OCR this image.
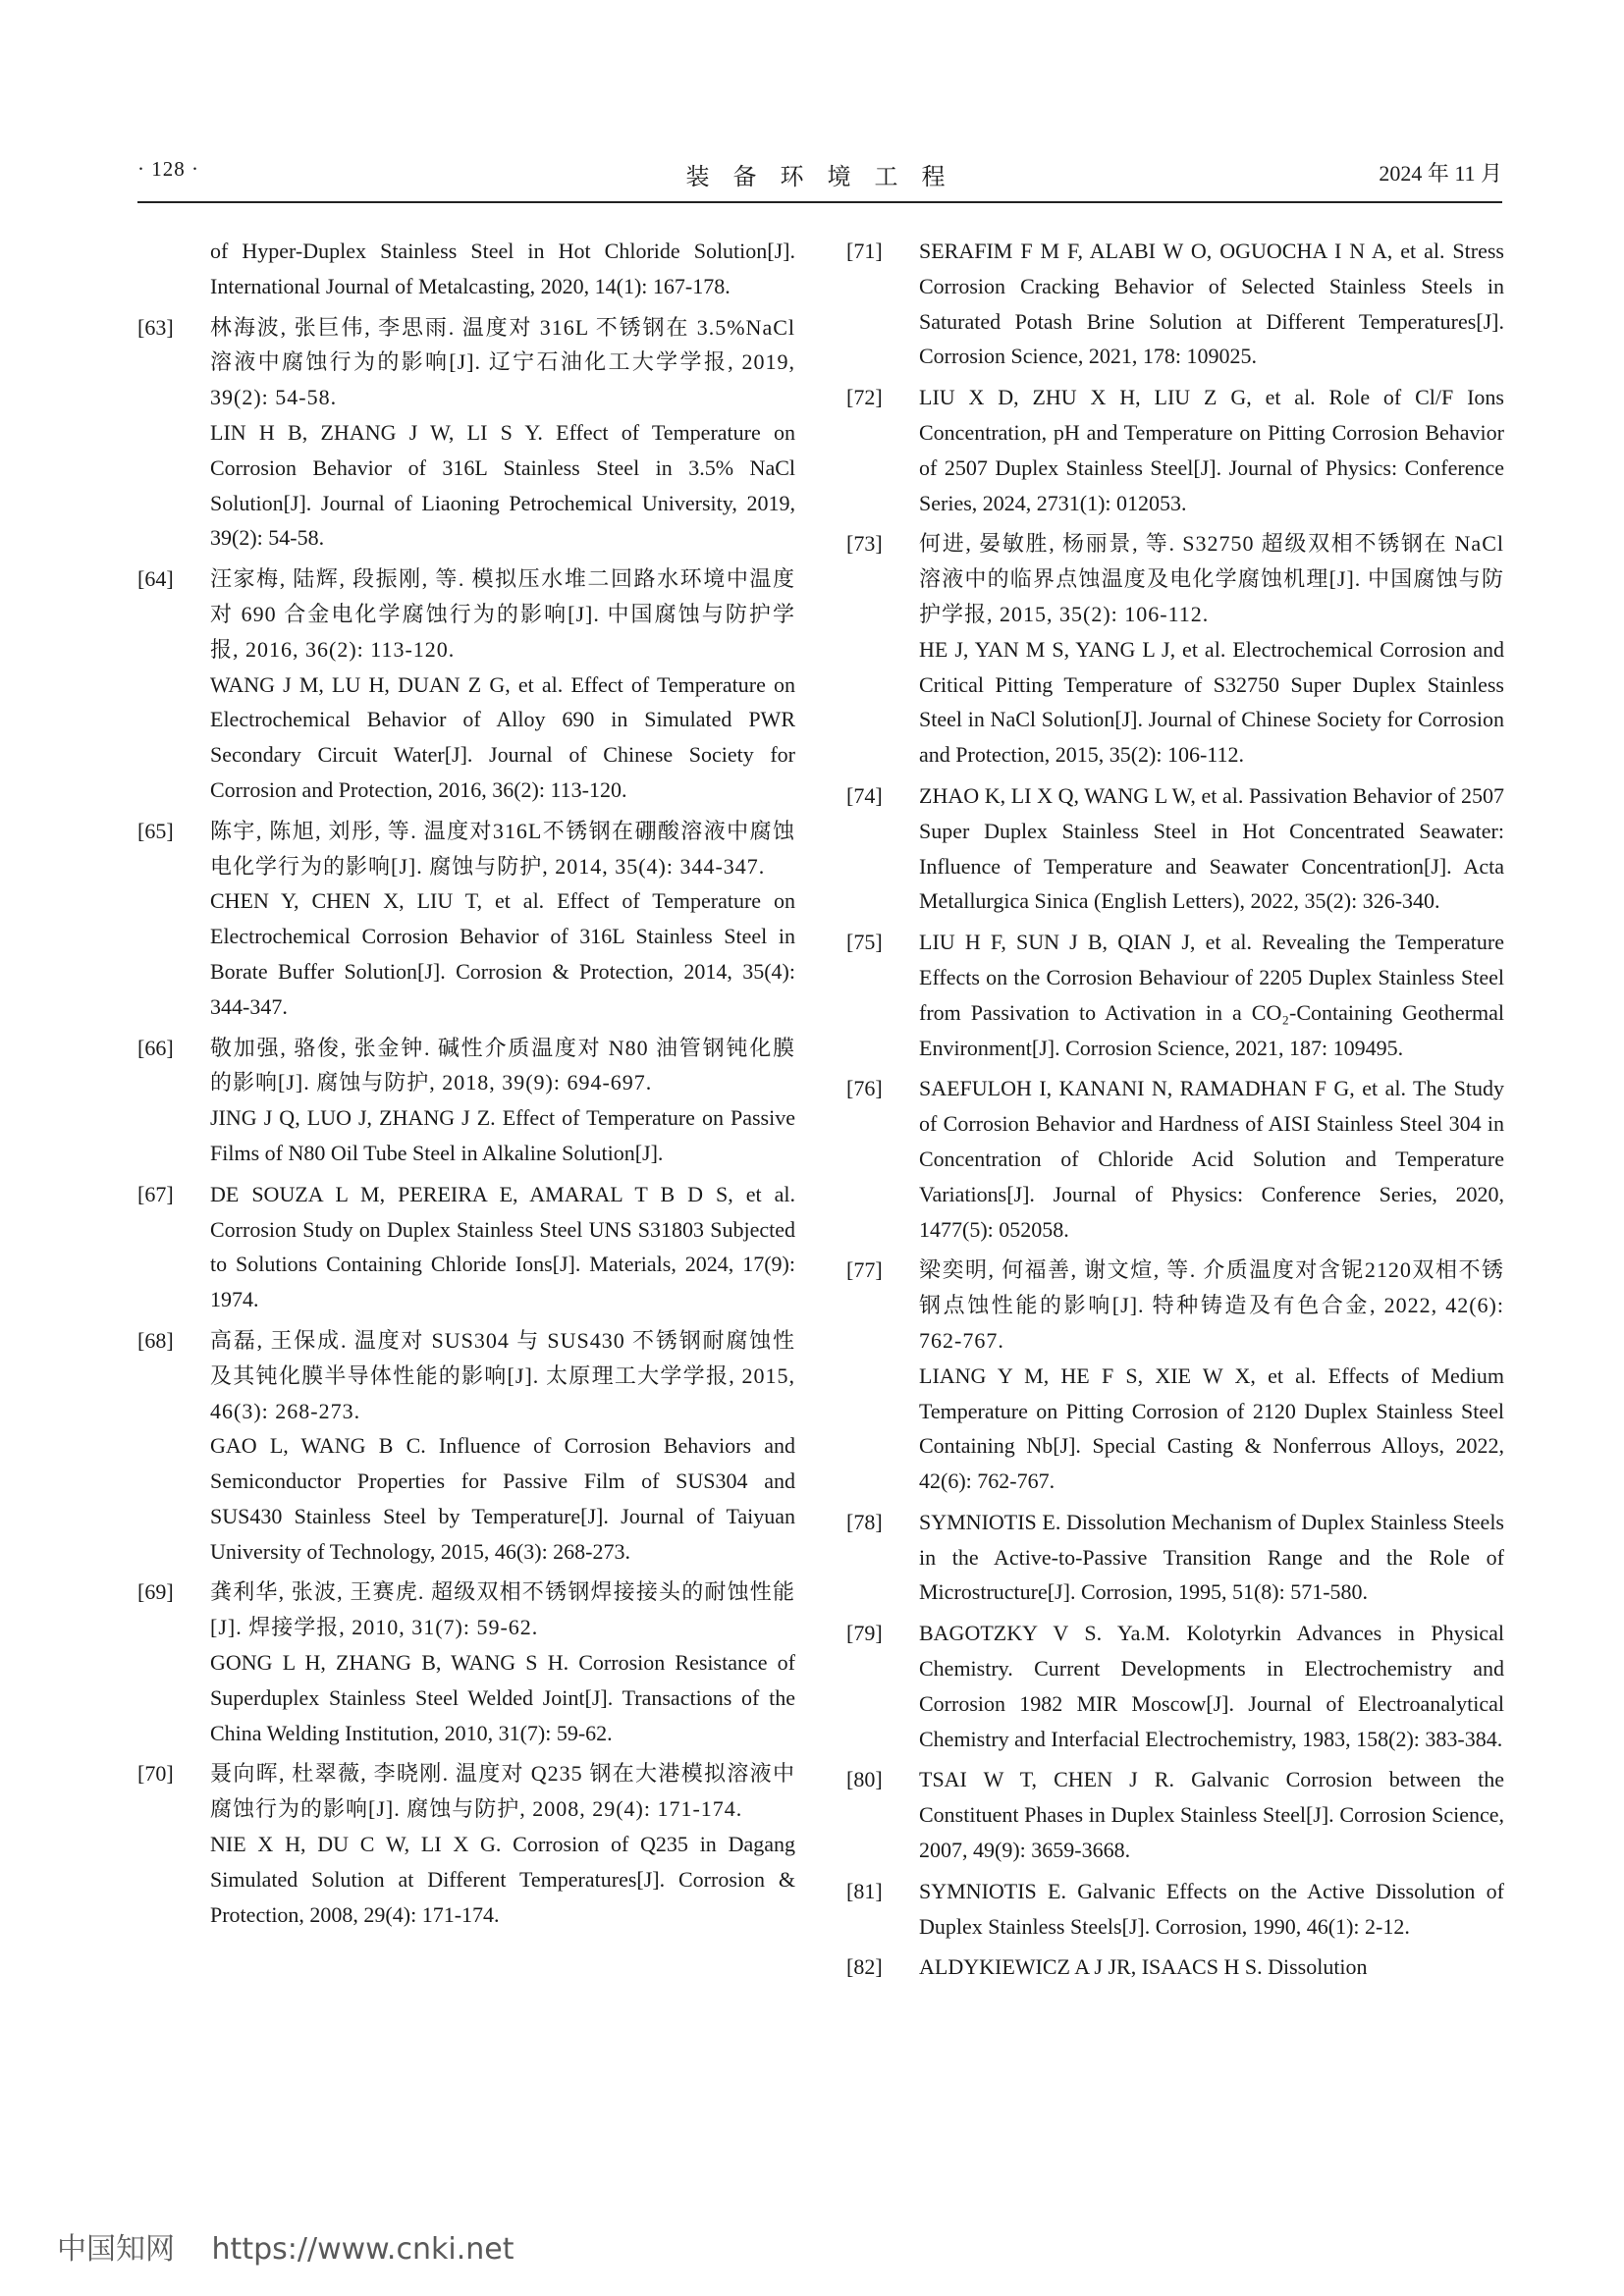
· 128 ·	装 备 环 境 工 程	2024 年 11 月
of Hyper-Duplex Stainless Steel in Hot Chloride Solution[J]. International Journal of Metalcasting, 2020, 14(1): 167-178.
[63] 林海波, 张巨伟, 李思雨. 温度对 316L 不锈钢在 3.5%NaCl 溶液中腐蚀行为的影响[J]. 辽宁石油化工大学学报, 2019, 39(2): 54-58.
LIN H B, ZHANG J W, LI S Y. Effect of Temperature on Corrosion Behavior of 316L Stainless Steel in 3.5% NaCl Solution[J]. Journal of Liaoning Petrochemical University, 2019, 39(2): 54-58.
[64] 汪家梅, 陆辉, 段振刚, 等. 模拟压水堆二回路水环境中温度对 690 合金电化学腐蚀行为的影响[J]. 中国腐蚀与防护学报, 2016, 36(2): 113-120.
WANG J M, LU H, DUAN Z G, et al. Effect of Temperature on Electrochemical Behavior of Alloy 690 in Simulated PWR Secondary Circuit Water[J]. Journal of Chinese Society for Corrosion and Protection, 2016, 36(2): 113-120.
[65] 陈宇, 陈旭, 刘彤, 等. 温度对316L不锈钢在硼酸溶液中腐蚀电化学行为的影响[J]. 腐蚀与防护, 2014, 35(4): 344-347.
CHEN Y, CHEN X, LIU T, et al. Effect of Temperature on Electrochemical Corrosion Behavior of 316L Stainless Steel in Borate Buffer Solution[J]. Corrosion & Protection, 2014, 35(4): 344-347.
[66] 敬加强, 骆俊, 张金钟. 碱性介质温度对 N80 油管钢钝化膜的影响[J]. 腐蚀与防护, 2018, 39(9): 694-697.
JING J Q, LUO J, ZHANG J Z. Effect of Temperature on Passive Films of N80 Oil Tube Steel in Alkaline Solution[J].
[67] DE SOUZA L M, PEREIRA E, AMARAL T B D S, et al. Corrosion Study on Duplex Stainless Steel UNS S31803 Subjected to Solutions Containing Chloride Ions[J]. Materials, 2024, 17(9): 1974.
[68] 高磊, 王保成. 温度对 SUS304 与 SUS430 不锈钢耐腐蚀性及其钝化膜半导体性能的影响[J]. 太原理工大学学报, 2015, 46(3): 268-273.
GAO L, WANG B C. Influence of Corrosion Behaviors and Semiconductor Properties for Passive Film of SUS304 and SUS430 Stainless Steel by Temperature[J]. Journal of Taiyuan University of Technology, 2015, 46(3): 268-273.
[69] 龚利华, 张波, 王赛虎. 超级双相不锈钢焊接接头的耐蚀性能[J]. 焊接学报, 2010, 31(7): 59-62.
GONG L H, ZHANG B, WANG S H. Corrosion Resistance of Superduplex Stainless Steel Welded Joint[J]. Transactions of the China Welding Institution, 2010, 31(7): 59-62.
[70] 聂向晖, 杜翠薇, 李晓刚. 温度对 Q235 钢在大港模拟溶液中腐蚀行为的影响[J]. 腐蚀与防护, 2008, 29(4): 171-174.
NIE X H, DU C W, LI X G. Corrosion of Q235 in Dagang Simulated Solution at Different Temperatures[J]. Corrosion & Protection, 2008, 29(4): 171-174.
[71] SERAFIM F M F, ALABI W O, OGUOCHA I N A, et al. Stress Corrosion Cracking Behavior of Selected Stainless Steels in Saturated Potash Brine Solution at Different Temperatures[J]. Corrosion Science, 2021, 178: 109025.
[72] LIU X D, ZHU X H, LIU Z G, et al. Role of Cl/F Ions Concentration, pH and Temperature on Pitting Corrosion Behavior of 2507 Duplex Stainless Steel[J]. Journal of Physics: Conference Series, 2024, 2731(1): 012053.
[73] 何进, 晏敏胜, 杨丽景, 等. S32750 超级双相不锈钢在 NaCl 溶液中的临界点蚀温度及电化学腐蚀机理[J]. 中国腐蚀与防护学报, 2015, 35(2): 106-112.
HE J, YAN M S, YANG L J, et al. Electrochemical Corrosion and Critical Pitting Temperature of S32750 Super Duplex Stainless Steel in NaCl Solution[J]. Journal of Chinese Society for Corrosion and Protection, 2015, 35(2): 106-112.
[74] ZHAO K, LI X Q, WANG L W, et al. Passivation Behavior of 2507 Super Duplex Stainless Steel in Hot Concentrated Seawater: Influence of Temperature and Seawater Concentration[J]. Acta Metallurgica Sinica (English Letters), 2022, 35(2): 326-340.
[75] LIU H F, SUN J B, QIAN J, et al. Revealing the Temperature Effects on the Corrosion Behaviour of 2205 Duplex Stainless Steel from Passivation to Activation in a CO₂-Containing Geothermal Environment[J]. Corrosion Science, 2021, 187: 109495.
[76] SAEFULOH I, KANANI N, RAMADHAN F G, et al. The Study of Corrosion Behavior and Hardness of AISI Stainless Steel 304 in Concentration of Chloride Acid Solution and Temperature Variations[J]. Journal of Physics: Conference Series, 2020, 1477(5): 052058.
[77] 梁奕明, 何福善, 谢文煊, 等. 介质温度对含铌2120双相不锈钢点蚀性能的影响[J]. 特种铸造及有色合金, 2022, 42(6): 762-767.
LIANG Y M, HE F S, XIE W X, et al. Effects of Medium Temperature on Pitting Corrosion of 2120 Duplex Stainless Steel Containing Nb[J]. Special Casting & Nonferrous Alloys, 2022, 42(6): 762-767.
[78] SYMNIOTIS E. Dissolution Mechanism of Duplex Stainless Steels in the Active-to-Passive Transition Range and the Role of Microstructure[J]. Corrosion, 1995, 51(8): 571-580.
[79] BAGOTZKY V S. Ya.M. Kolotyrkin Advances in Physical Chemistry. Current Developments in Electrochemistry and Corrosion 1982 MIR Moscow[J]. Journal of Electroanalytical Chemistry and Interfacial Electrochemistry, 1983, 158(2): 383-384.
[80] TSAI W T, CHEN J R. Galvanic Corrosion between the Constituent Phases in Duplex Stainless Steel[J]. Corrosion Science, 2007, 49(9): 3659-3668.
[81] SYMNIOTIS E. Galvanic Effects on the Active Dissolution of Duplex Stainless Steels[J]. Corrosion, 1990, 46(1): 2-12.
[82] ALDYKIEWICZ A J JR, ISAACS H S. Dissolution
中国知网 https://www.cnki.net
